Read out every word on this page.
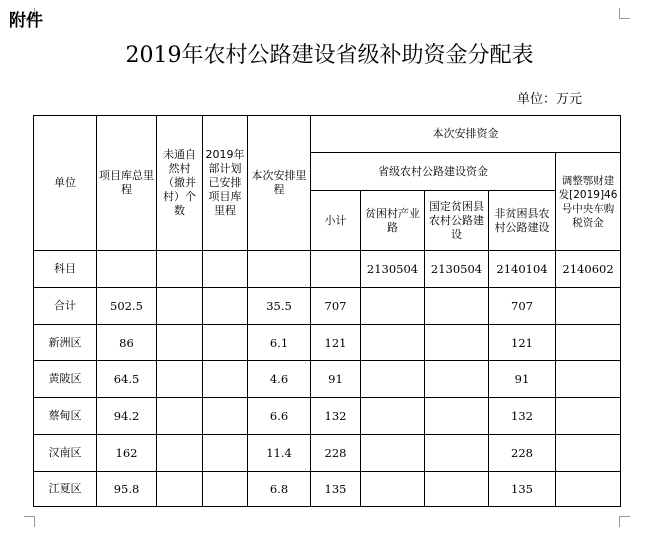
附件
2019年农村公路建设省级补助资金分配表
单位：万元
单位	项目库总里程	未通自然村（撤并村）个数	2019年部计划已安排项目库里程	本次安排里程	本次安排资金				
					省级农村公路建设资金				调整鄂财建发[2019]46号中央车购税资金
					小计	贫困村产业路	国定贫困县农村公路建设	非贫困县农村公路建设	
科目						2130504	2130504	2140104	2140602
合计	502.5			35.5	707			707	
新洲区	86			6.1	121			121	
黄陂区	64.5			4.6	91			91	
蔡甸区	94.2			6.6	132			132	
汉南区	162			11.4	228			228	
江夏区	95.8			6.8	135			135	
